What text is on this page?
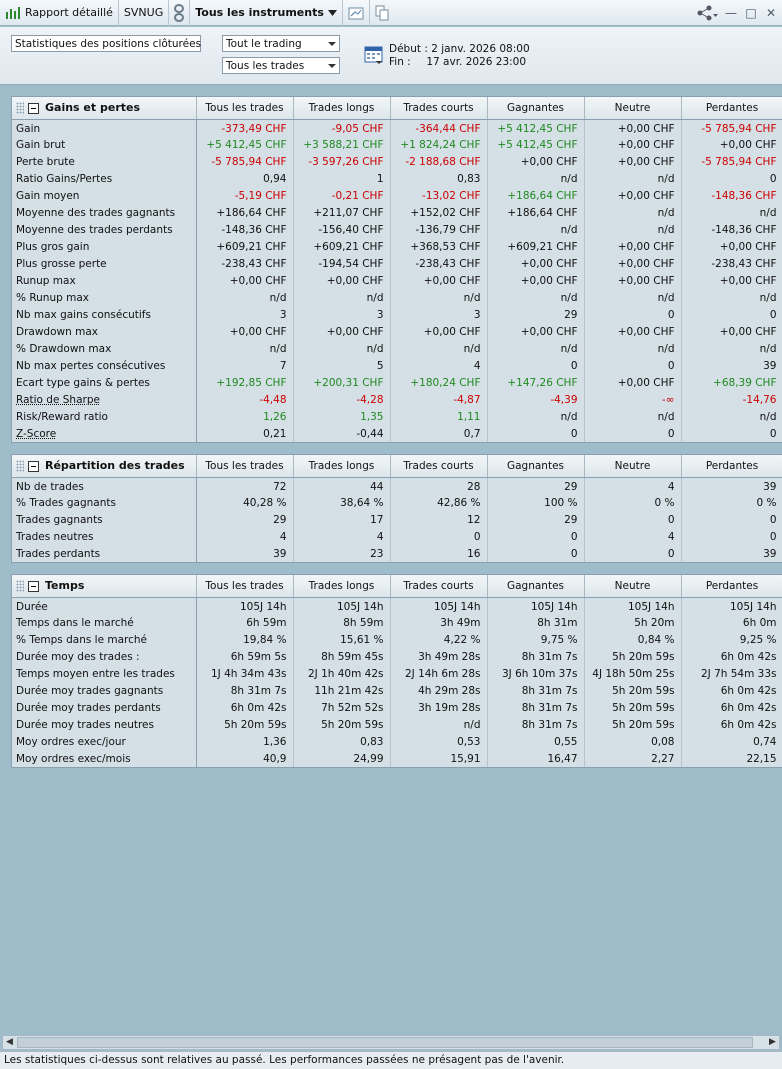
Rapport détaillé SVNUG	Tous les instruments	— □ ✕
Statistiques des positions clôturées Tout le trading
Tous les trades
Début : 2 janv. 2026 08:00
Fin : 17 avr. 2026 23:00
Gains et pertes	Tous les trades	Trades longs	Trades courts	Gagnantes	Neutre	Perdantes
Gain	-373,49 CHF	-9,05 CHF	-364,44 CHF	+5 412,45 CHF	+0,00 CHF	-5 785,94 CHF
Gain brut	+5 412,45 CHF	+3 588,21 CHF	+1 824,24 CHF	+5 412,45 CHF	+0,00 CHF	+0,00 CHF
Perte brute	-5 785,94 CHF	-3 597,26 CHF	-2 188,68 CHF	+0,00 CHF	+0,00 CHF	-5 785,94 CHF
Ratio Gains/Pertes	0,94	1	0,83	n/d	n/d	0
Gain moyen	-5,19 CHF	-0,21 CHF	-13,02 CHF	+186,64 CHF	+0,00 CHF	-148,36 CHF
Moyenne des trades gagnants	+186,64 CHF	+211,07 CHF	+152,02 CHF	+186,64 CHF	n/d	n/d
Moyenne des trades perdants	-148,36 CHF	-156,40 CHF	-136,79 CHF	n/d	n/d	-148,36 CHF
Plus gros gain	+609,21 CHF	+609,21 CHF	+368,53 CHF	+609,21 CHF	+0,00 CHF	+0,00 CHF
Plus grosse perte	-238,43 CHF	-194,54 CHF	-238,43 CHF	+0,00 CHF	+0,00 CHF	-238,43 CHF
Runup max	+0,00 CHF	+0,00 CHF	+0,00 CHF	+0,00 CHF	+0,00 CHF	+0,00 CHF
% Runup max	n/d	n/d	n/d	n/d	n/d	n/d
Nb max gains consécutifs	3	3	3	29	0	0
Drawdown max	+0,00 CHF	+0,00 CHF	+0,00 CHF	+0,00 CHF	+0,00 CHF	+0,00 CHF
% Drawdown max	n/d	n/d	n/d	n/d	n/d	n/d
Nb max pertes consécutives	7	5	4	0	0	39
Ecart type gains & pertes	+192,85 CHF	+200,31 CHF	+180,24 CHF	+147,26 CHF	+0,00 CHF	+68,39 CHF
Ratio de Sharpe	-4,48	-4,28	-4,87	-4,39	-∞	-14,76
Risk/Reward ratio	1,26	1,35	1,11	n/d	n/d	n/d
Z-Score	0,21	-0,44	0,7	0	0	0
Répartition des trades	Tous les trades	Trades longs	Trades courts	Gagnantes	Neutre	Perdantes
Nb de trades	72	44	28	29	4	39
% Trades gagnants	40,28 %	38,64 %	42,86 %	100 %	0 %	0 %
Trades gagnants	29	17	12	29	0	0
Trades neutres	4	4	0	0	4	0
Trades perdants	39	23	16	0	0	39
Temps	Tous les trades	Trades longs	Trades courts	Gagnantes	Neutre	Perdantes
Durée	105J 14h	105J 14h	105J 14h	105J 14h	105J 14h	105J 14h
Temps dans le marché	6h 59m	8h 59m	3h 49m	8h 31m	5h 20m	6h 0m
% Temps dans le marché	19,84 %	15,61 %	4,22 %	9,75 %	0,84 %	9,25 %
Durée moy des trades :	6h 59m 5s	8h 59m 45s	3h 49m 28s	8h 31m 7s	5h 20m 59s	6h 0m 42s
Temps moyen entre les trades	1J 4h 34m 43s	2J 1h 40m 42s	2J 14h 6m 28s	3J 6h 10m 37s	4J 18h 50m 25s	2J 7h 54m 33s
Durée moy trades gagnants	8h 31m 7s	11h 21m 42s	4h 29m 28s	8h 31m 7s	5h 20m 59s	6h 0m 42s
Durée moy trades perdants	6h 0m 42s	7h 52m 52s	3h 19m 28s	8h 31m 7s	5h 20m 59s	6h 0m 42s
Durée moy trades neutres	5h 20m 59s	5h 20m 59s	n/d	8h 31m 7s	5h 20m 59s	6h 0m 42s
Moy ordres exec/jour	1,36	0,83	0,53	0,55	0,08	0,74
Moy ordres exec/mois	40,9	24,99	15,91	16,47	2,27	22,15
◀	▶
Les statistiques ci-dessus sont relatives au passé. Les performances passées ne présagent pas de l'avenir.
